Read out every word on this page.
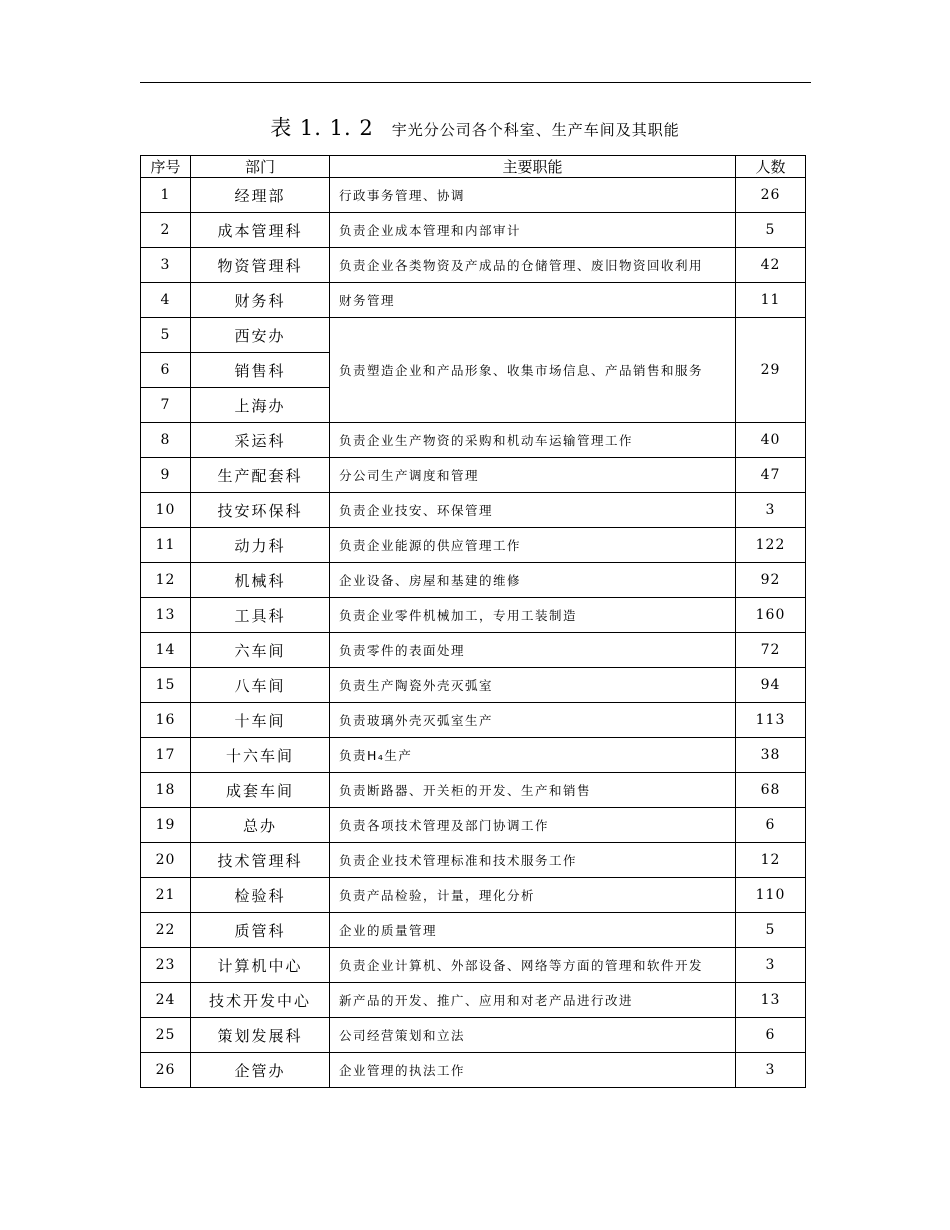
表 1. 1. 2 宇光分公司各个科室、生产车间及其职能
序号	部门	主要职能	人数
1	经理部	行政事务管理、协调	26
2	成本管理科	负责企业成本管理和内部审计	5
3	物资管理科	负责企业各类物资及产成品的仓储管理、废旧物资回收利用	42
4	财务科	财务管理	11
5	西安办	负责塑造企业和产品形象、收集市场信息、产品销售和服务	29
6	销售科		
7	上海办		
8	采运科	负责企业生产物资的采购和机动车运输管理工作	40
9	生产配套科	分公司生产调度和管理	47
10	技安环保科	负责企业技安、环保管理	3
11	动力科	负责企业能源的供应管理工作	122
12	机械科	企业设备、房屋和基建的维修	92
13	工具科	负责企业零件机械加工，专用工装制造	160
14	六车间	负责零件的表面处理	72
15	八车间	负责生产陶瓷外壳灭弧室	94
16	十车间	负责玻璃外壳灭弧室生产	113
17	十六车间	负责H₄生产	38
18	成套车间	负责断路器、开关柜的开发、生产和销售	68
19	总办	负责各项技术管理及部门协调工作	6
20	技术管理科	负责企业技术管理标准和技术服务工作	12
21	检验科	负责产品检验，计量，理化分析	110
22	质管科	企业的质量管理	5
23	计算机中心	负责企业计算机、外部设备、网络等方面的管理和软件开发	3
24	技术开发中心	新产品的开发、推广、应用和对老产品进行改进	13
25	策划发展科	公司经营策划和立法	6
26	企管办	企业管理的执法工作	3
